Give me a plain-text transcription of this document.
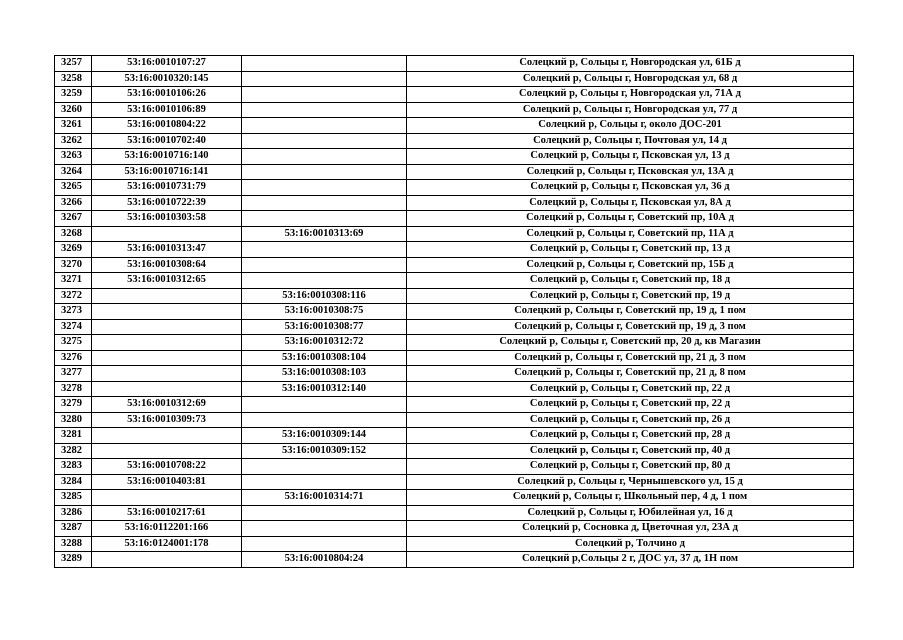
3257	53:16:0010107:27		Солецкий р, Сольцы г, Новгородская ул, 61Б д
3258	53:16:0010320:145		Солецкий р, Сольцы г, Новгородская ул, 68 д
3259	53:16:0010106:26		Солецкий р, Сольцы г, Новгородская ул, 71А д
3260	53:16:0010106:89		Солецкий р, Сольцы г, Новгородская ул, 77 д
3261	53:16:0010804:22		Солецкий р, Сольцы г, около ДОС-201
3262	53:16:0010702:40		Солецкий р, Сольцы г, Почтовая ул, 14 д
3263	53:16:0010716:140		Солецкий р, Сольцы г, Псковская ул, 13 д
3264	53:16:0010716:141		Солецкий р, Сольцы г, Псковская ул, 13А д
3265	53:16:0010731:79		Солецкий р, Сольцы г, Псковская ул, 36 д
3266	53:16:0010722:39		Солецкий р, Сольцы г, Псковская ул, 8А д
3267	53:16:0010303:58		Солецкий р, Сольцы г, Советский пр, 10А д
3268		53:16:0010313:69	Солецкий р, Сольцы г, Советский пр, 11А д
3269	53:16:0010313:47		Солецкий р, Сольцы г, Советский пр, 13 д
3270	53:16:0010308:64		Солецкий р, Сольцы г, Советский пр, 15Б д
3271	53:16:0010312:65		Солецкий р, Сольцы г, Советский пр, 18 д
3272		53:16:0010308:116	Солецкий р, Сольцы г, Советский пр, 19 д
3273		53:16:0010308:75	Солецкий р, Сольцы г, Советский пр, 19 д, 1 пом
3274		53:16:0010308:77	Солецкий р, Сольцы г, Советский пр, 19 д, 3 пом
3275		53:16:0010312:72	Солецкий р, Сольцы г, Советский пр, 20 д, кв Магазин
3276		53:16:0010308:104	Солецкий р, Сольцы г, Советский пр, 21 д, 3 пом
3277		53:16:0010308:103	Солецкий р, Сольцы г, Советский пр, 21 д, 8 пом
3278		53:16:0010312:140	Солецкий р, Сольцы г, Советский пр, 22 д
3279	53:16:0010312:69		Солецкий р, Сольцы г, Советский пр, 22 д
3280	53:16:0010309:73		Солецкий р, Сольцы г, Советский пр, 26 д
3281		53:16:0010309:144	Солецкий р, Сольцы г, Советский пр, 28 д
3282		53:16:0010309:152	Солецкий р, Сольцы г, Советский пр, 40 д
3283	53:16:0010708:22		Солецкий р, Сольцы г, Советский пр, 80 д
3284	53:16:0010403:81		Солецкий р, Сольцы г, Чернышевского ул, 15 д
3285		53:16:0010314:71	Солецкий р, Сольцы г, Школьный пер, 4 д, 1 пом
3286	53:16:0010217:61		Солецкий р, Сольцы г, Юбилейная ул, 16 д
3287	53:16:0112201:166		Солецкий р, Сосновка д, Цветочная ул, 23А д
3288	53:16:0124001:178		Солецкий р, Толчино д
3289		53:16:0010804:24	Солецкий р,Сольцы 2 г, ДОС ул, 37 д, 1Н пом
